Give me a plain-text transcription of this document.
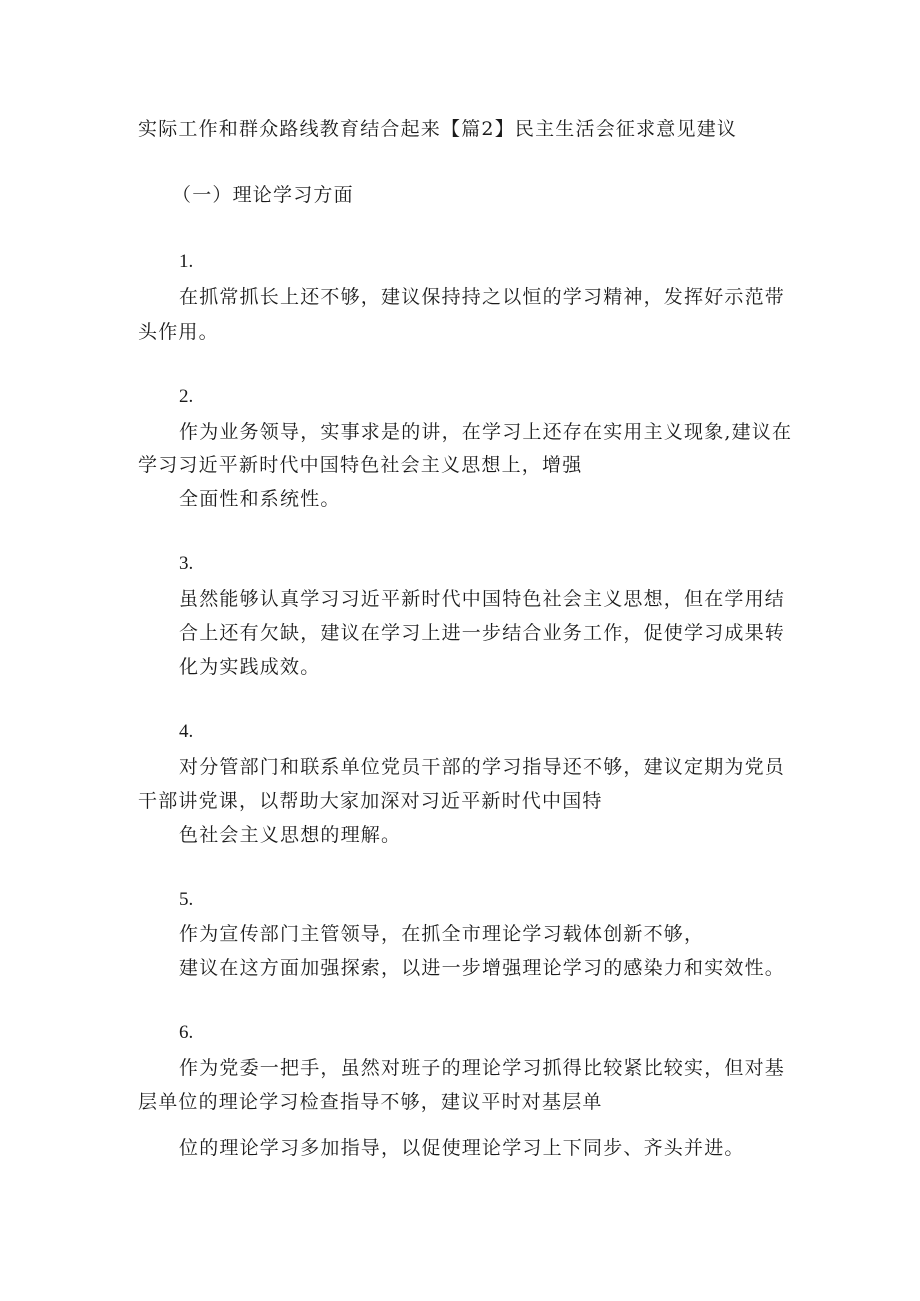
实际工作和群众路线教育结合起来【篇2】民主生活会征求意见建议
（一）理论学习方面
1.
在抓常抓长上还不够，建议保持持之以恒的学习精神，发挥好示范带
头作用。
2.
作为业务领导，实事求是的讲，在学习上还存在实用主义现象,建议在
学习习近平新时代中国特色社会主义思想上，增强
全面性和系统性。
3.
虽然能够认真学习习近平新时代中国特色社会主义思想，但在学用结
合上还有欠缺，建议在学习上进一步结合业务工作，促使学习成果转
化为实践成效。
4.
对分管部门和联系单位党员干部的学习指导还不够，建议定期为党员
干部讲党课，以帮助大家加深对习近平新时代中国特
色社会主义思想的理解。
5.
作为宣传部门主管领导，在抓全市理论学习载体创新不够，
建议在这方面加强探索，以进一步增强理论学习的感染力和实效性。
6.
作为党委一把手，虽然对班子的理论学习抓得比较紧比较实，但对基
层单位的理论学习检查指导不够，建议平时对基层单
位的理论学习多加指导，以促使理论学习上下同步、齐头并进。
